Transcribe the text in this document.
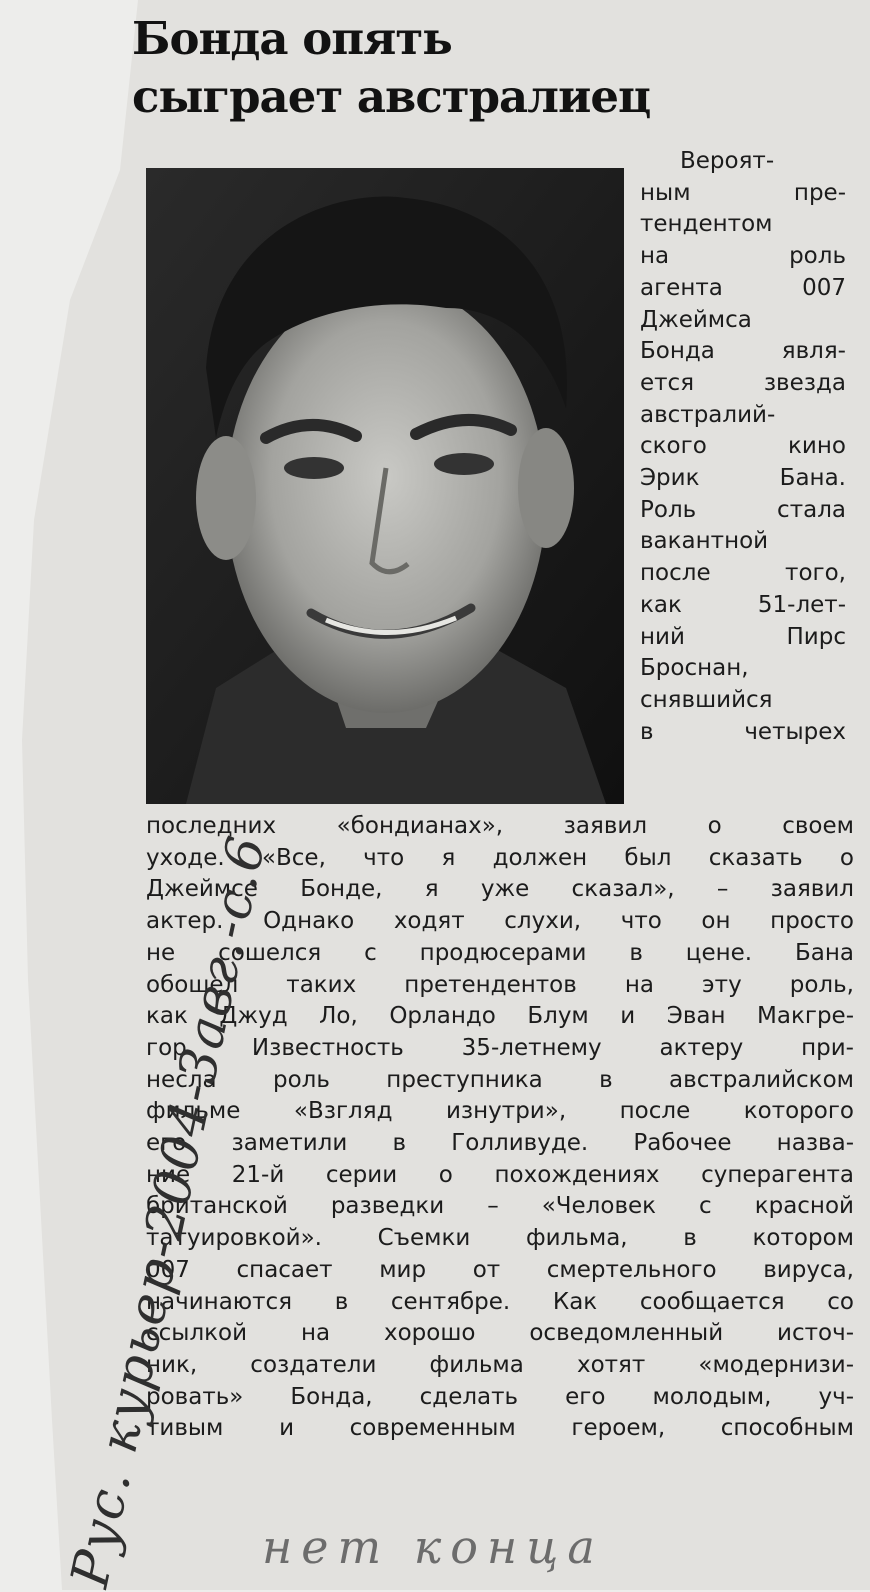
Бонда опять
сыграет австралиец
Вероят-
ным пре-
тендентом
на роль
агента 007
Джеймса
Бонда явля-
ется звезда
австралий-
ского кино
Эрик Бана.
Роль стала
вакантной
после того,
как 51-лет-
ний Пирс
Броснан,
снявшийся
в четырех
последних «бондианах», заявил о своем
уходе. «Все, что я должен был сказать о
Джеймсе Бонде, я уже сказал», – заявил
актер. Однако ходят слухи, что он просто
не сошелся с продюсерами в цене. Бана
обошел таких претендентов на эту роль,
как Джуд Ло, Орландо Блум и Эван Макгре-
гор. Известность 35-летнему актеру при-
несла роль преступника в австралийском
фильме «Взгляд изнутри», после которого
его заметили в Голливуде. Рабочее назва-
ние 21-й серии о похождениях суперагента
британской разведки – «Человек с красной
татуировкой». Съемки фильма, в котором
007 спасает мир от смертельного вируса,
начинаются в сентябре. Как сообщается со
ссылкой на хорошо осведомленный источ-
ник, создатели фильма хотят «модернизи-
ровать» Бонда, сделать его молодым, уч-
тивым и современным героем, способным
Рус. курьер-2004-3авг.-с.6
нет конца
